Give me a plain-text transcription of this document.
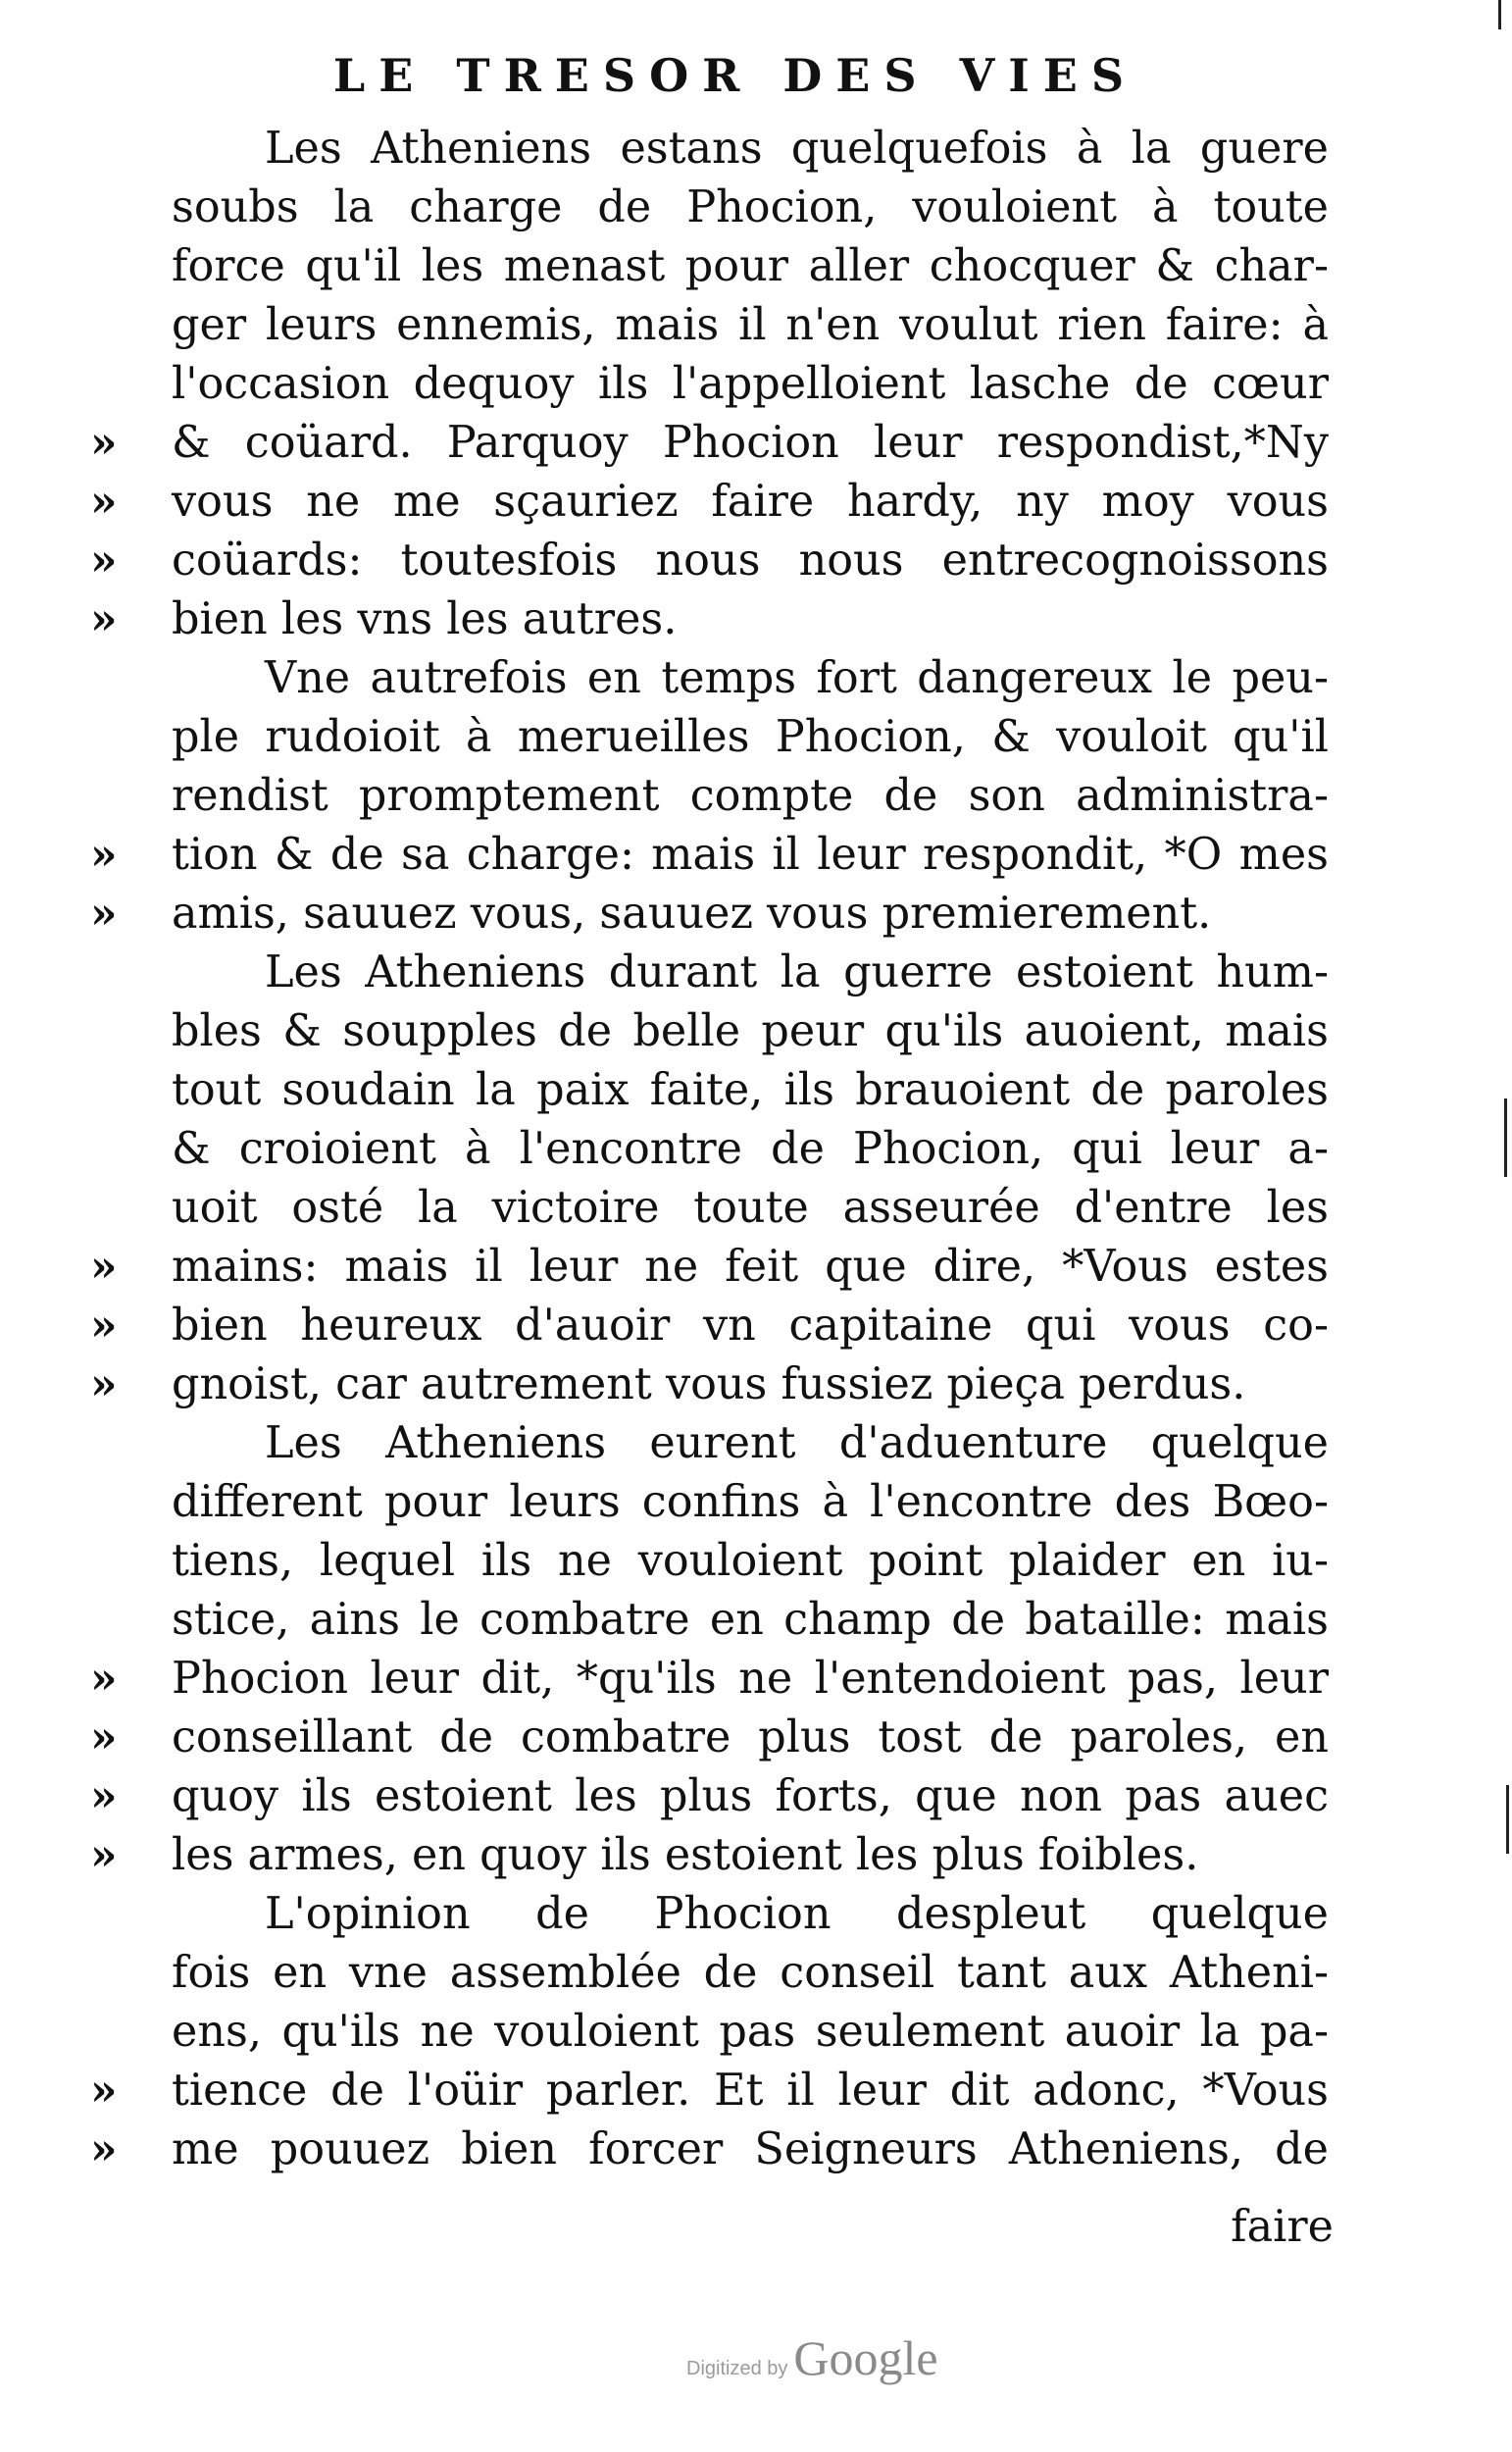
LE TRESOR DES VIES
Les Atheniens estans quelquefois à la guere
soubs la charge de Phocion, vouloient à toute
force qu'il les menast pour aller chocquer & char-
ger leurs ennemis, mais il n'en voulut rien faire: à
l'occasion dequoy ils l'appelloient lasche de cœur
»	& coüard. Parquoy Phocion leur respondist,*Ny
»	vous ne me sçauriez faire hardy, ny moy vous
»	coüards: toutesfois nous nous entrecognoissons
»	bien les vns les autres.
Vne autrefois en temps fort dangereux le peu-
ple rudoioit à merueilles Phocion, & vouloit qu'il
rendist promptement compte de son administra-
»	tion & de sa charge: mais il leur respondit, *O mes
»	amis, sauuez vous, sauuez vous premierement.
Les Atheniens durant la guerre estoient hum-
bles & soupples de belle peur qu'ils auoient, mais
tout soudain la paix faite, ils brauoient de paroles
& croioient à l'encontre de Phocion, qui leur a-
uoit osté la victoire toute asseurée d'entre les
»	mains: mais il leur ne feit que dire, *Vous estes
»	bien heureux d'auoir vn capitaine qui vous co-
»	gnoist, car autrement vous fussiez pieça perdus.
Les Atheniens eurent d'aduenture quelque
different pour leurs confins à l'encontre des Bœo-
tiens, lequel ils ne vouloient point plaider en iu-
stice, ains le combatre en champ de bataille: mais
»	Phocion leur dit, *qu'ils ne l'entendoient pas, leur
»	conseillant de combatre plus tost de paroles, en
»	quoy ils estoient les plus forts, que non pas auec
»	les armes, en quoy ils estoient les plus foibles.
L'opinion de Phocion despleut quelque
fois en vne assemblée de conseil tant aux Atheni-
ens, qu'ils ne vouloient pas seulement auoir la pa-
»	tience de l'oüir parler. Et il leur dit adonc, *Vous
»	me pouuez bien forcer Seigneurs Atheniens, de
faire
Digitized by Google
